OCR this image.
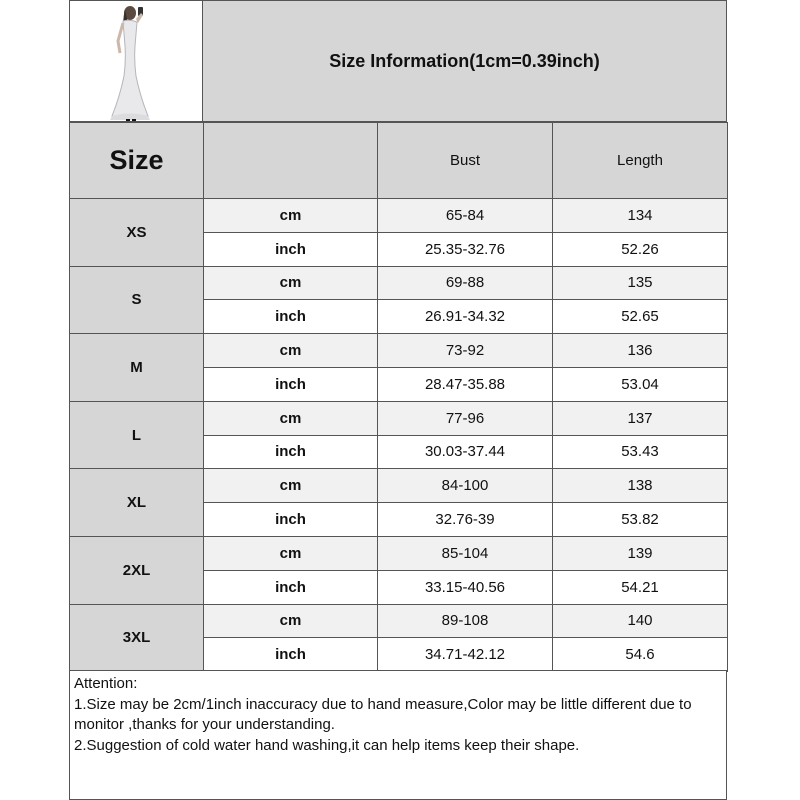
Size Information(1cm=0.39inch)
Size		Bust	Length
XS	cm	65-84	134
	inch	25.35-32.76	52.26
S	cm	69-88	135
	inch	26.91-34.32	52.65
M	cm	73-92	136
	inch	28.47-35.88	53.04
L	cm	77-96	137
	inch	30.03-37.44	53.43
XL	cm	84-100	138
	inch	32.76-39	53.82
2XL	cm	85-104	139
	inch	33.15-40.56	54.21
3XL	cm	89-108	140
	inch	34.71-42.12	54.6

Attention:

1.Size may be 2cm/1inch inaccuracy due to hand measure,Color may be little different due to monitor ,thanks for your understanding.

2.Suggestion of cold water hand washing,it can help items keep their shape.
